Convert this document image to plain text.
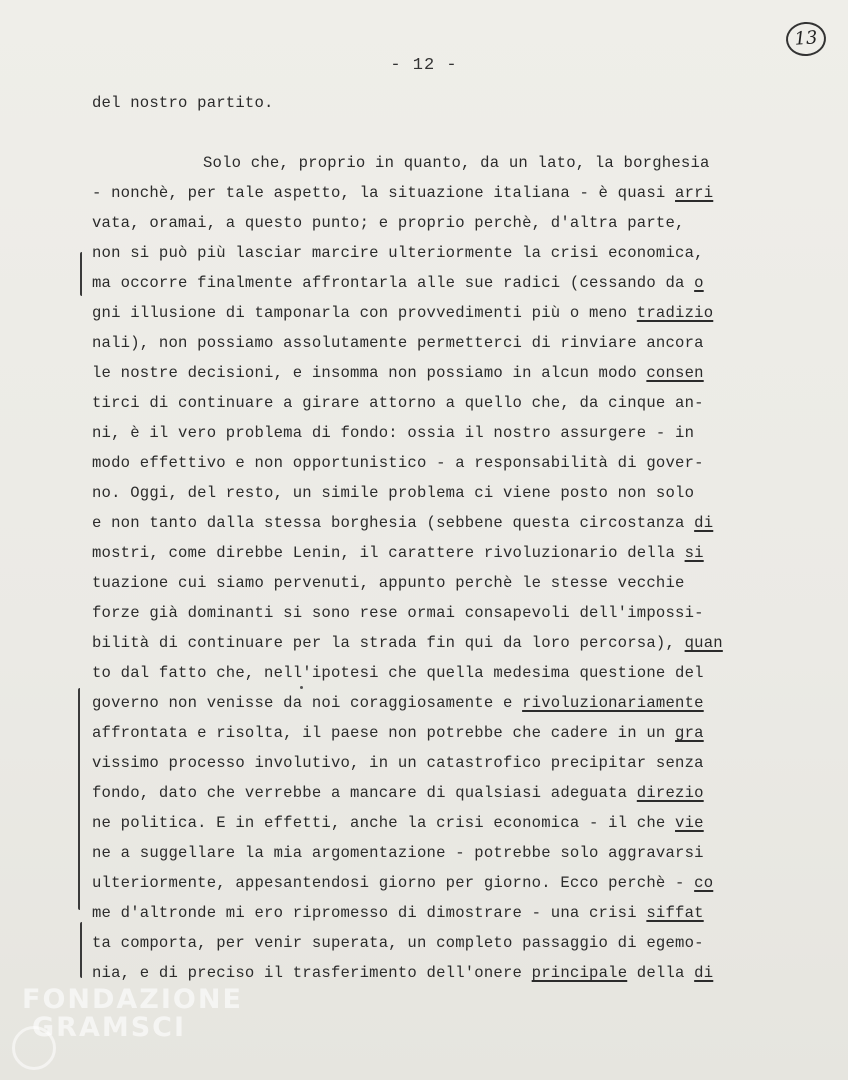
- 12 -
13
del nostro partito.
Solo che, proprio in quanto, da un lato, la borghesia
- nonchè, per tale aspetto, la situazione italiana - è quasi arri
vata, oramai, a questo punto; e proprio perchè, d'altra parte,
non si può più lasciar marcire ulteriormente la crisi economica,
ma occorre finalmente affrontarla alle sue radici (cessando da o
gni illusione di tamponarla con provvedimenti più o meno tradizio
nali), non possiamo assolutamente permetterci di rinviare ancora
le nostre decisioni, e insomma non possiamo in alcun modo consen
tirci di continuare a girare attorno a quello che, da cinque an-
ni, è il vero problema di fondo: ossia il nostro assurgere - in
modo effettivo e non opportunistico - a responsabilità di gover-
no. Oggi, del resto, un simile problema ci viene posto non solo
e non tanto dalla stessa borghesia (sebbene questa circostanza di
mostri, come direbbe Lenin, il carattere rivoluzionario della si
tuazione cui siamo pervenuti, appunto perchè le stesse vecchie
forze già dominanti si sono rese ormai consapevoli dell'impossi-
bilità di continuare per la strada fin qui da loro percorsa), quan
to dal fatto che, nell'ipotesi che quella medesima questione del
governo non venisse da noi coraggiosamente e rivoluzionariamente
affrontata e risolta, il paese non potrebbe che cadere in un gra
vissimo processo involutivo, in un catastrofico precipitar senza
fondo, dato che verrebbe a mancare di qualsiasi adeguata direzio
ne politica. E in effetti, anche la crisi economica - il che vie
ne a suggellare la mia argomentazione - potrebbe solo aggravarsi
ulteriormente, appesantendosi giorno per giorno. Ecco perchè - co
me d'altronde mi ero ripromesso di dimostrare - una crisi siffat
ta comporta, per venir superata, un completo passaggio di egemo-
nia, e di preciso il trasferimento dell'onere principale della di
FONDAZIONE
GRAMSCI
